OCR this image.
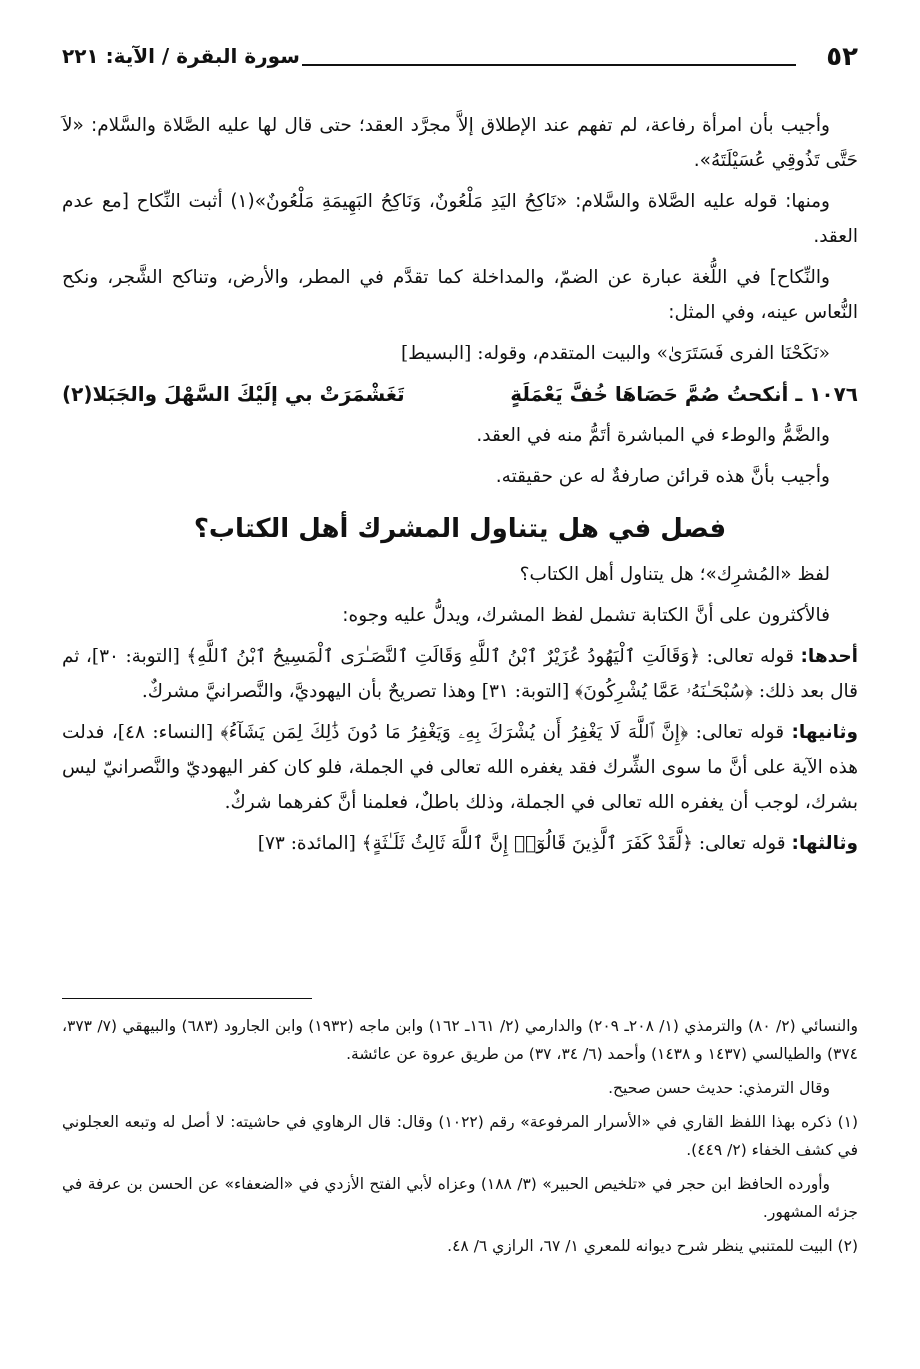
٥٢
سورة البقرة / الآية: ٢٢١

وأجيب بأن امرأة رفاعة، لم تفهم عند الإطلاق إلاَّ مجرَّد العقد؛ حتى قال لها عليه الصَّلاة والسَّلام: «لاَ حَتَّى تَذُوقِي عُسَيْلَتَهُ».

ومنها: قوله عليه الصَّلاة والسَّلام: «نَاكِحُ اليَدِ مَلْعُونٌ، وَنَاكِحُ البَهِيمَةِ مَلْعُونٌ»(١) أثبت النِّكاح [مع عدم العقد.

والنِّكاح] في اللُّغة عبارة عن الضمّ، والمداخلة كما تقدَّم في المطر، والأرض، وتناكح الشَّجر، ونكح النُّعاس عينه، وفي المثل:

«نَكَحْنَا الفرى فَسَتَرَىٰ» والبيت المتقدم، وقوله: [البسيط]

١٠٧٦ ـ أنكحتُ صُمَّ حَصَاهَا خُفَّ يَعْمَلَةٍ
تَغَشْمَرَتْ بي إلَيْكَ السَّهْلَ والجَبَلا(٢)

والضَّمُّ والوطء في المباشرة أتَمُّ منه في العقد.

وأجيب بأنَّ هذه قرائن صارفةٌ له عن حقيقته.

فصل في هل يتناول المشرك أهل الكتاب؟

لفظ «المُشرِك»؛ هل يتناول أهل الكتاب؟

فالأكثرون على أنَّ الكتابة تشمل لفظ المشرك، ويدلُّ عليه وجوه:

أحدها: قوله تعالى: ﴿وَقَالَتِ ٱلْيَهُودُ عُزَيْرٌ ٱبْنُ ٱللَّهِ وَقَالَتِ ٱلنَّصَـٰرَى ٱلْمَسِيحُ ٱبْنُ ٱللَّهِ﴾ [التوبة: ٣٠]، ثم قال بعد ذلك: ﴿سُبْحَـٰنَهُۥ عَمَّا يُشْرِكُونَ﴾ [التوبة: ٣١] وهذا تصريحٌ بأن اليهوديَّ، والنَّصرانيَّ مشركٌ.

وثانيها: قوله تعالى: ﴿إِنَّ ٱللَّهَ لَا يَغْفِرُ أَن يُشْرَكَ بِهِۦ وَيَغْفِرُ مَا دُونَ ذَٰلِكَ لِمَن يَشَآءُ﴾ [النساء: ٤٨]، فدلت هذه الآية على أنَّ ما سوى الشِّرك فقد يغفره الله تعالى في الجملة، فلو كان كفر اليهوديّ والنَّصرانيّ ليس بشرك، لوجب أن يغفره الله تعالى في الجملة، وذلك باطلٌ، فعلمنا أنَّ كفرهما شركٌ.

وثالثها: قوله تعالى: ﴿لَّقَدْ كَفَرَ ٱلَّذِينَ قَالُوٓا۟ إِنَّ ٱللَّهَ ثَالِثُ ثَلَـٰثَةٍ﴾ [المائدة: ٧٣]

والنسائي (٢/ ٨٠) والترمذي (١/ ٢٠٨ـ ٢٠٩) والدارمي (٢/ ١٦١ـ ١٦٢) وابن ماجه (١٩٣٢) وابن الجارود (٦٨٣) والبيهقي (٧/ ٣٧٣، ٣٧٤) والطيالسي (١٤٣٧ و ١٤٣٨) وأحمد (٦/ ٣٤، ٣٧) من طريق عروة عن عائشة.

وقال الترمذي: حديث حسن صحيح.

(١) ذكره بهذا اللفظ القاري في «الأسرار المرفوعة» رقم (١٠٢٢) وقال: قال الرهاوي في حاشيته: لا أصل له وتبعه العجلوني في كشف الخفاء (٢/ ٤٤٩).

وأورده الحافظ ابن حجر في «تلخيص الحبير» (٣/ ١٨٨) وعزاه لأبي الفتح الأزدي في «الضعفاء» عن الحسن بن عرفة في جزئه المشهور.

(٢) البيت للمتنبي ينظر شرح ديوانه للمعري ١/ ٦٧، الرازي ٦/ ٤٨.
